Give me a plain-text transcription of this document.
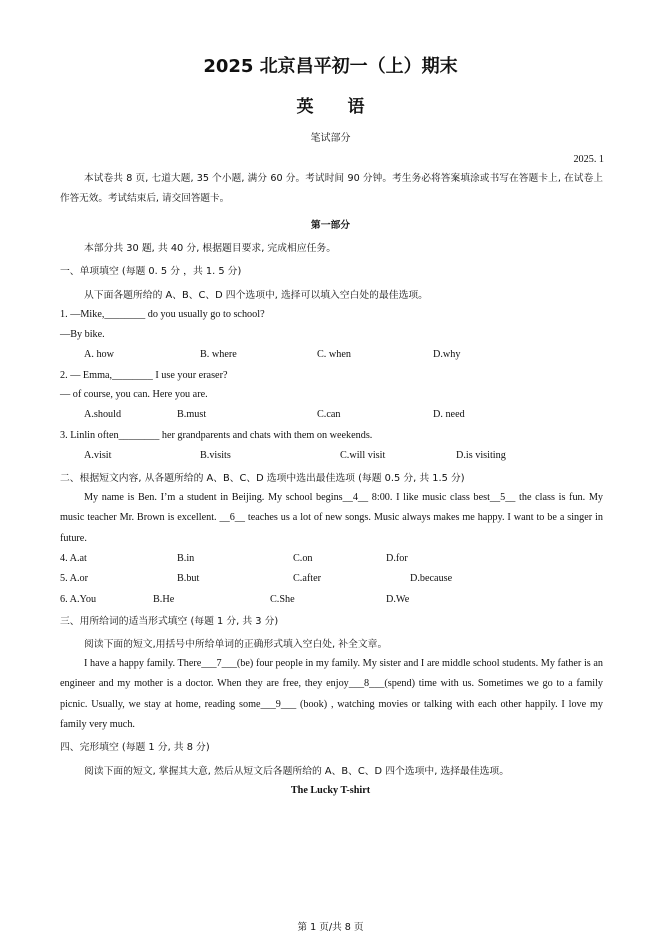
2025 北京昌平初一（上）期末
英　　语
笔试部分
2025. 1
本试卷共 8 页, 七道大题, 35 个小题, 满分 60 分。考试时间 90 分钟。考生务必将答案填涂或书写在答题卡上, 在试卷上作答无效。考试结束后, 请交回答题卡。
第一部分
本部分共 30 题, 共 40 分, 根据题目要求, 完成相应任务。
一、单项填空 (每题 0. 5 分 ，共 1. 5 分)
从下面各题所给的 A、B、C、D 四个选项中, 选择可以填入空白处的最佳选项。
1. —Mike,________ do you usually go to school?
—By bike.
A. how	B. where	C. when	D.why
2. — Emma,________ I use your eraser?
— of course, you can. Here you are.
A.should	B.must	C.can	D. need
3. Linlin often________ her grandparents and chats with them on weekends.
A.visit	B.visits	C.will visit	D.is visiting
二、根据短文内容, 从各题所给的 A、B、C、D 选项中选出最佳选项 (每题 0.5 分, 共 1.5 分)
My name is Ben. I’m a student in Beijing. My school begins__4__ 8:00. I like music class best__5__ the class is fun. My music teacher Mr. Brown is excellent. __6__ teaches us a lot of new songs. Music always makes me happy. I want to be a singer in future.
4. A.at	B.in	C.on	D.for
5. A.or	B.but	C.after	D.because
6. A.You	B.He	C.She	D.We
三、用所给词的适当形式填空 (每题 1 分, 共 3 分)
阅读下面的短文,用括号中所给单词的正确形式填入空白处, 补全文章。
I have a happy family. There___7___(be) four people in my family. My sister and I are middle school students. My father is an engineer and my mother is a doctor. When they are free, they enjoy___8___(spend) time with us. Sometimes we go to a family picnic. Usually, we stay at home, reading some___9___ (book) , watching movies or talking with each other happily. I love my family very much.
四、完形填空 (每题 1 分, 共 8 分)
阅读下面的短文, 掌握其大意, 然后从短文后各题所给的 A、B、C、D 四个选项中, 选择最佳选项。
The Lucky T-shirt
第 1 页/共 8 页
